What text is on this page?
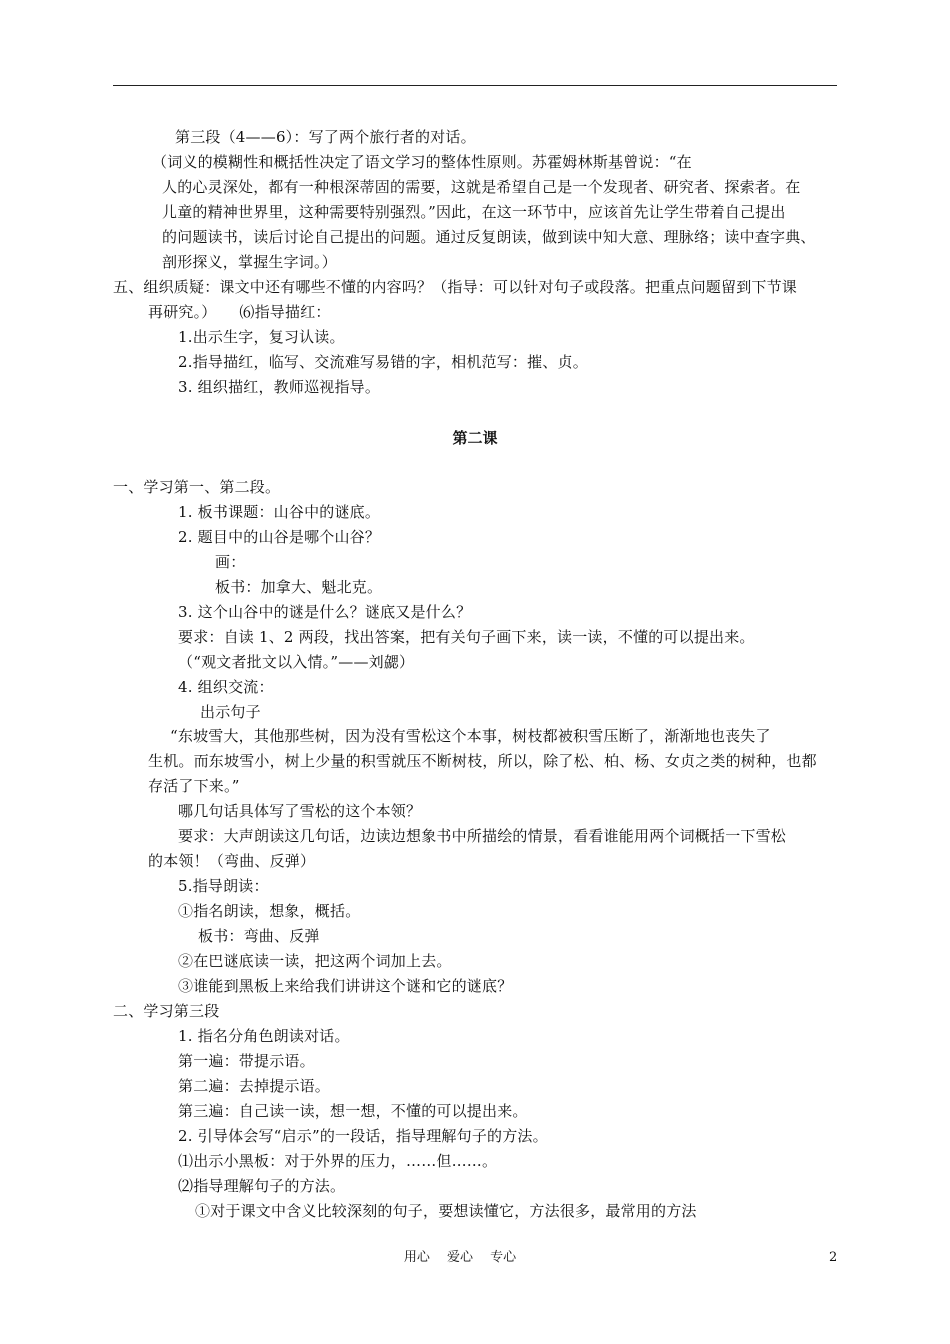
第三段（4——6）：写了两个旅行者的对话。
（词义的模糊性和概括性决定了语文学习的整体性原则。苏霍姆林斯基曾说：“在
人的心灵深处，都有一种根深蒂固的需要，这就是希望自己是一个发现者、研究者、探索者。在
儿童的精神世界里，这种需要特别强烈。”因此，在这一环节中，应该首先让学生带着自己提出
的问题读书，读后讨论自己提出的问题。通过反复朗读，做到读中知大意、理脉络；读中查字典、
剖形探义，掌握生字词。）
五、组织质疑：课文中还有哪些不懂的内容吗？（指导：可以针对句子或段落。把重点问题留到下节课
再研究。）　　⑹指导描红：
1.出示生字，复习认读。
2.指导描红，临写、交流难写易错的字，相机范写：摧、贞。
3. 组织描红，教师巡视指导。
第二课
一、学习第一、第二段。
1. 板书课题：山谷中的谜底。
2. 题目中的山谷是哪个山谷？
画：
板书：加拿大、魁北克。
3. 这个山谷中的谜是什么？谜底又是什么？
要求：自读 1、2 两段，找出答案，把有关句子画下来，读一读，不懂的可以提出来。
（“观文者批文以入情。”——刘勰）
4. 组织交流：
出示句子
“东坡雪大，其他那些树，因为没有雪松这个本事，树枝都被积雪压断了，渐渐地也丧失了
生机。而东坡雪小，树上少量的积雪就压不断树枝，所以，除了松、柏、杨、女贞之类的树种，也都
存活了下来。”
哪几句话具体写了雪松的这个本领？
要求：大声朗读这几句话，边读边想象书中所描绘的情景，看看谁能用两个词概括一下雪松
的本领！（弯曲、反弹）
5.指导朗读：
①指名朗读，想象，概括。
板书：弯曲、反弹
②在巴谜底读一读，把这两个词加上去。
③谁能到黑板上来给我们讲讲这个谜和它的谜底？
二、学习第三段
1. 指名分角色朗读对话。
第一遍：带提示语。
第二遍：去掉提示语。
第三遍：自己读一读，想一想，不懂的可以提出来。
2. 引导体会写“启示”的一段话，指导理解句子的方法。
⑴出示小黑板：对于外界的压力，……但……。
⑵指导理解句子的方法。
①对于课文中含义比较深刻的句子，要想读懂它，方法很多，最常用的方法
用心　 爱心　 专心	2
